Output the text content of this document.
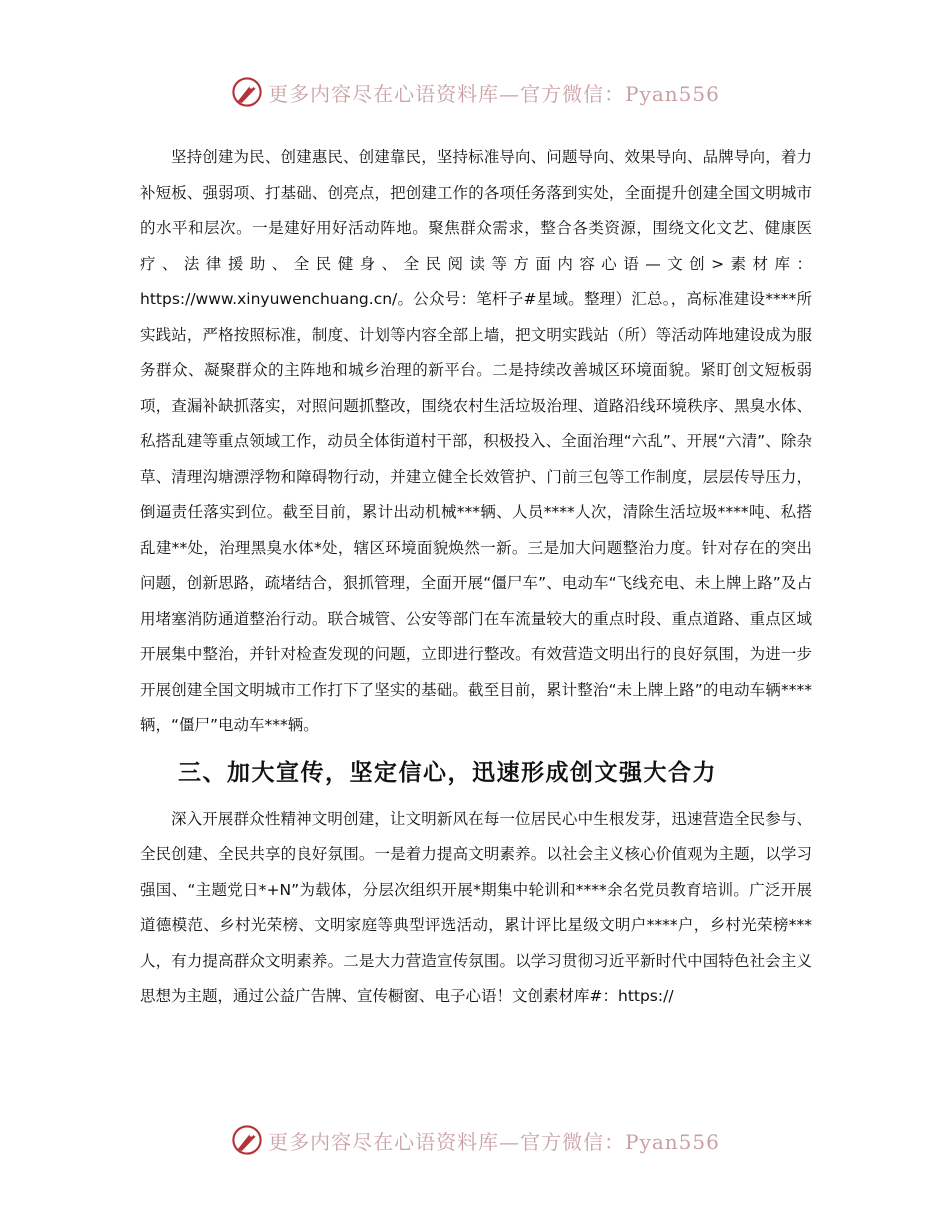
更多内容尽在心语资料库—官方微信：Pyan556

坚持创建为民、创建惠民、创建靠民，坚持标准导向、问题导向、效果导向、品牌导向，着力补短板、强弱项、打基础、创亮点，把创建工作的各项任务落到实处，全面提升创建全国文明城市的水平和层次。一是建好用好活动阵地。聚焦群众需求，整合各类资源，围绕文化文艺、健康医疗、法律援助、全民健身、全民阅读等方面内容心语—文创>素材库：https://www.xinyuwenchuang.cn/。公众号：笔杆子#星域。整理）汇总。，高标准建设****所实践站，严格按照标准，制度、计划等内容全部上墙，把文明实践站（所）等活动阵地建设成为服务群众、凝聚群众的主阵地和城乡治理的新平台。二是持续改善城区环境面貌。紧盯创文短板弱项，查漏补缺抓落实，对照问题抓整改，围绕农村生活垃圾治理、道路沿线环境秩序、黑臭水体、私搭乱建等重点领域工作，动员全体街道村干部，积极投入、全面治理“六乱”、开展“六清”、除杂草、清理沟塘漂浮物和障碍物行动，并建立健全长效管护、门前三包等工作制度，层层传导压力，倒逼责任落实到位。截至目前，累计出动机械***辆、人员****人次，清除生活垃圾****吨、私搭乱建**处，治理黑臭水体*处，辖区环境面貌焕然一新。三是加大问题整治力度。针对存在的突出问题，创新思路，疏堵结合，狠抓管理，全面开展“僵尸车”、电动车“飞线充电、未上牌上路”及占用堵塞消防通道整治行动。联合城管、公安等部门在车流量较大的重点时段、重点道路、重点区域开展集中整治，并针对检查发现的问题，立即进行整改。有效营造文明出行的良好氛围，为进一步开展创建全国文明城市工作打下了坚实的基础。截至目前，累计整治“未上牌上路”的电动车辆****辆，“僵尸”电动车***辆。

三、加大宣传，坚定信心，迅速形成创文强大合力

深入开展群众性精神文明创建，让文明新风在每一位居民心中生根发芽，迅速营造全民参与、全民创建、全民共享的良好氛围。一是着力提高文明素养。以社会主义核心价值观为主题，以学习强国、“主题党日*+N”为载体，分层次组织开展*期集中轮训和****余名党员教育培训。广泛开展道德模范、乡村光荣榜、文明家庭等典型评选活动，累计评比星级文明户****户，乡村光荣榜***人，有力提高群众文明素养。二是大力营造宣传氛围。以学习贯彻习近平新时代中国特色社会主义思想为主题，通过公益广告牌、宣传橱窗、电子心语！文创素材库#：https://

更多内容尽在心语资料库—官方微信：Pyan556
